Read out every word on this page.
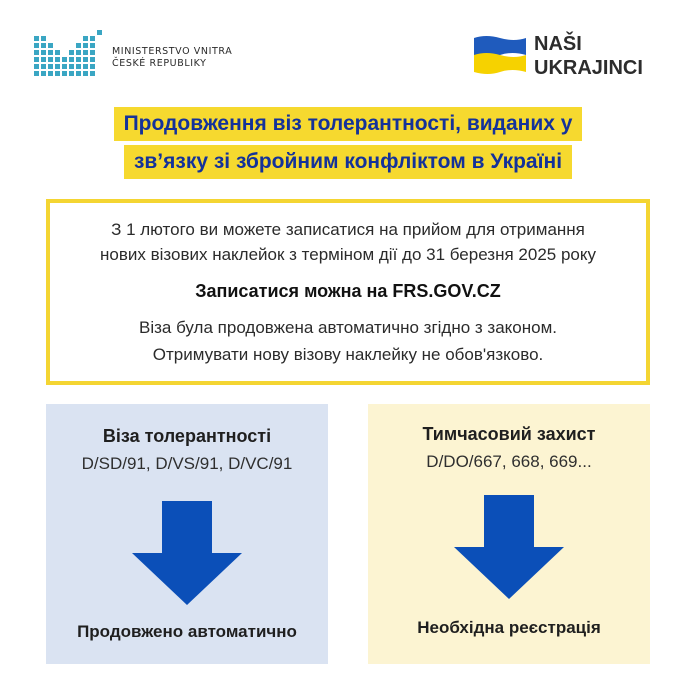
MINISTERSTVO VNITRA
ČESKÉ REPUBLIKY
NAŠI
UKRAJINCI
Продовження віз толерантності, виданих у
зв’язку зі збройним конфліктом в Україні
З 1 лютого ви можете записатися на прийом для отримання
нових візових наклейок з терміном дії до 31 березня 2025 року
Записатися можна на FRS.GOV.CZ
Віза була продовжена автоматично згідно з законом.
Отримувати нову візову наклейку не обов'язково.
Віза толерантності
D/SD/91, D/VS/91, D/VC/91
Продовжено автоматично
Тимчасовий захист
D/DO/667, 668, 669...
Необхідна реєстрація
